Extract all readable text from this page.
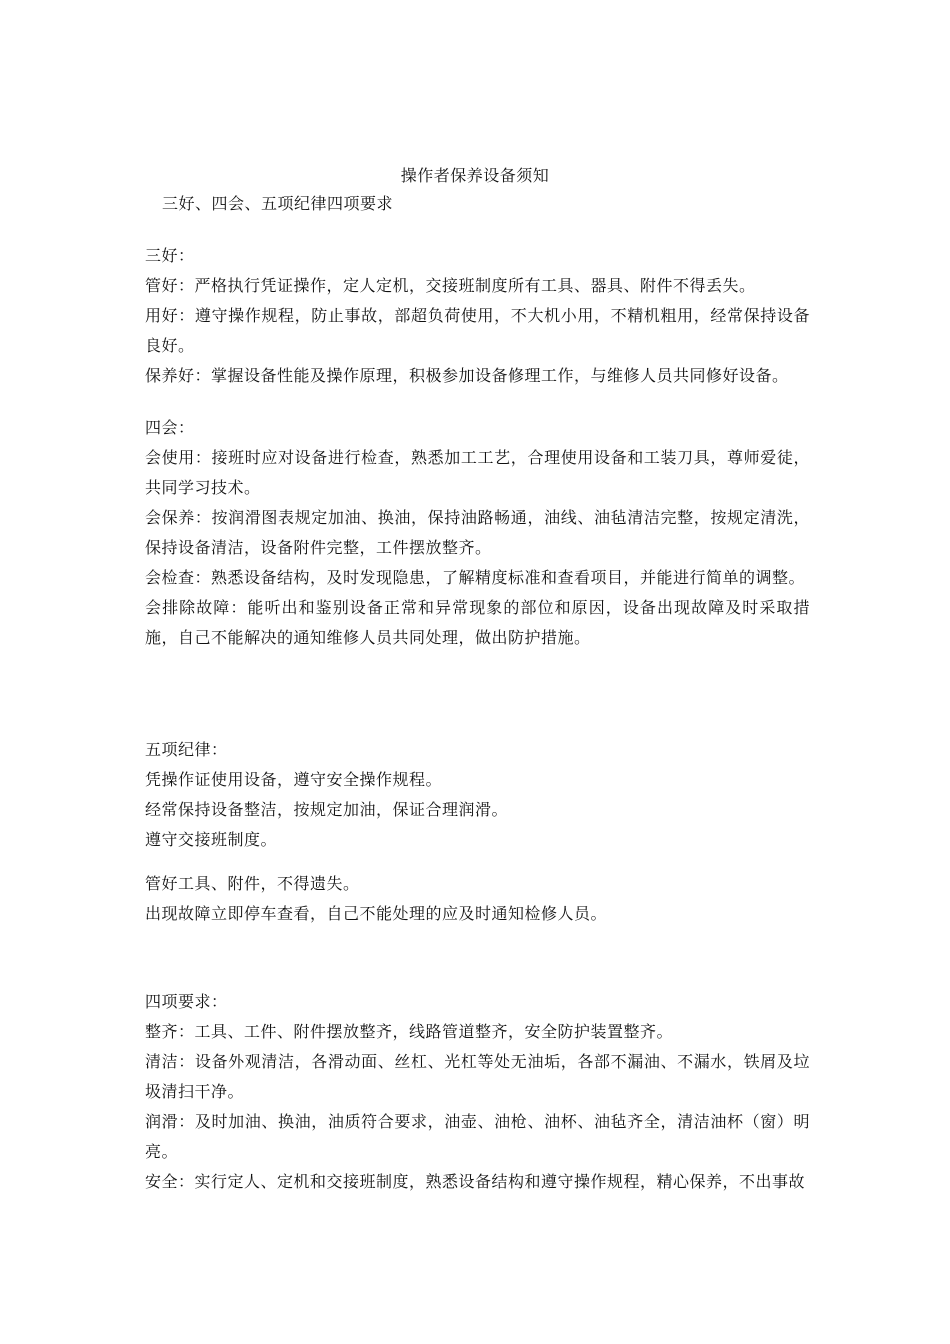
操作者保养设备须知
三好、四会、五项纪律四项要求

三好：

管好：严格执行凭证操作，定人定机，交接班制度所有工具、器具、附件不得丢失。

用好：遵守操作规程，防止事故，部超负荷使用，不大机小用，不精机粗用，经常保持设备良好。

保养好：掌握设备性能及操作原理，积极参加设备修理工作，与维修人员共同修好设备。

四会：

会使用：接班时应对设备进行检查，熟悉加工工艺，合理使用设备和工装刀具，尊师爱徒，共同学习技术。

会保养：按润滑图表规定加油、换油，保持油路畅通，油线、油毡清洁完整，按规定清洗，保持设备清洁，设备附件完整，工件摆放整齐。

会检查：熟悉设备结构，及时发现隐患，了解精度标准和查看项目，并能进行简单的调整。

会排除故障：能听出和鉴别设备正常和异常现象的部位和原因，设备出现故障及时采取措施，自己不能解决的通知维修人员共同处理，做出防护措施。

五项纪律：

凭操作证使用设备，遵守安全操作规程。

经常保持设备整洁，按规定加油，保证合理润滑。

遵守交接班制度。

管好工具、附件，不得遗失。

出现故障立即停车查看，自己不能处理的应及时通知检修人员。

四项要求：

整齐：工具、工件、附件摆放整齐，线路管道整齐，安全防护装置整齐。

清洁：设备外观清洁，各滑动面、丝杠、光杠等处无油垢，各部不漏油、不漏水，铁屑及垃圾清扫干净。

润滑：及时加油、换油，油质符合要求，油壶、油枪、油杯、油毡齐全，清洁油杯（窗）明亮。

安全：实行定人、定机和交接班制度，熟悉设备结构和遵守操作规程，精心保养，不出事故
